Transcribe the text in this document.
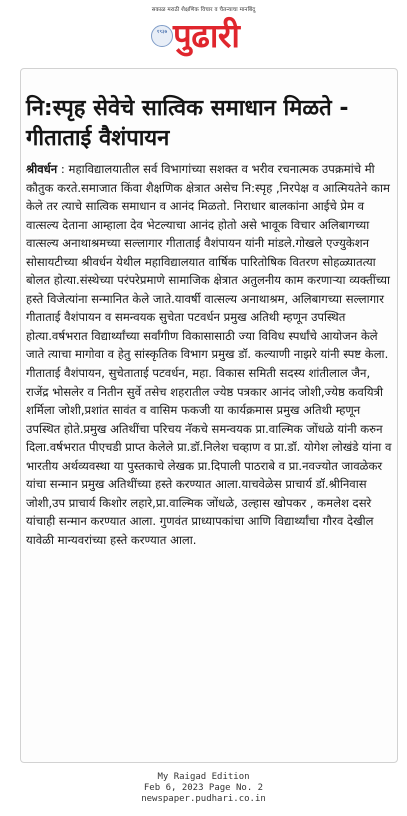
सकाळ मराठी शैक्षणिक विचार व चैतन्याचा मानबिंदू
१९३७ पुढारी
नि:स्पृह सेवेचे सात्विक समाधान मिळते - गीताताई वैशंपायन

श्रीवर्धन : महाविद्यालयातील सर्व विभागांच्या सशक्त व भरीव रचनात्मक उपक्रमांचे मी कौतुक करते.समाजात किंवा शैक्षणिक क्षेत्रात असेच नि:स्पृह ,निरपेक्ष व आत्मियतेने काम केले तर त्याचे सात्विक समाधान व आनंद मिळतो. निराधार बालकांना आईचे प्रेम व वात्सल्य देताना आम्हाला देव भेटल्याचा आनंद होतो असे भावूक विचार अलिबागच्या वात्सल्य अनाथाश्रमच्या सल्लागार गीताताई वैशंपायन यांनी मांडले.गोखले एज्युकेशन सोसायटीच्या श्रीवर्धन येथील महाविद्यालयात वार्षिक पारितोषिक वितरण सोहळ्यातत्या बोलत होत्या.संस्थेच्या परंपरेप्रमाणे सामाजिक क्षेत्रात अतुलनीय काम करणाऱ्या व्यक्तींच्या हस्ते विजेत्यांना सन्मानित केले जाते.यावर्षी वात्सल्य अनाथाश्रम, अलिबागच्या सल्लागार गीताताई वैशंपायन व समन्वयक सुचेता पटवर्धन प्रमुख अतिथी म्हणून उपस्थित होत्या.वर्षभरात विद्यार्थ्यांच्या सर्वांगीण विकासासाठी ज्या विविध स्पर्धांचे आयोजन केले जाते त्याचा मागोवा व हेतु सांस्कृतिक विभाग प्रमुख डॉ. कल्याणी नाझरे यांनी स्पष्ट केला. गीताताई वैशंपायन, सुचेताताई पटवर्धन, महा. विकास समिती सदस्य शांतीलाल जैन, राजेंद्र भोसलेर व नितीन सुर्वे तसेच शहरातील ज्येष्ठ पत्रकार आनंद जोशी,ज्येष्ठ कवयित्री शर्मिला जोशी,प्रशांत सावंत व वासिम फकजी या कार्यक्रमास प्रमुख अतिथी म्हणून उपस्थित होते.प्रमुख अतिथींचा परिचय नॅकचे समन्वयक प्रा.वाल्मिक जोंधळे यांनी करुन दिला.वर्षभरात पीएचडी प्राप्त केलेले प्रा.डॉ.निलेश चव्हाण व प्रा.डॉ. योगेश लोखंडे यांना व भारतीय अर्थव्यवस्था या पुस्तकाचे लेखक प्रा.दिपाली पाठराबे व प्रा.नवज्योत जावळेकर यांचा सन्मान प्रमुख अतिथींच्या हस्ते करण्यात आला.याचवेळेस प्राचार्य डॉ.श्रीनिवास जोशी,उप प्राचार्य किशोर लहारे,प्रा.वाल्मिक जोंधळे, उल्हास खोपकर , कमलेश दसरे यांचाही सन्मान करण्यात आला. गुणवंत प्राध्यापकांचा आणि विद्यार्थ्यांचा गौरव देखील यावेळी मान्यवरांच्या हस्ते करण्यात आला.

My Raigad Edition
Feb 6, 2023 Page No. 2
newspaper.pudhari.co.in
